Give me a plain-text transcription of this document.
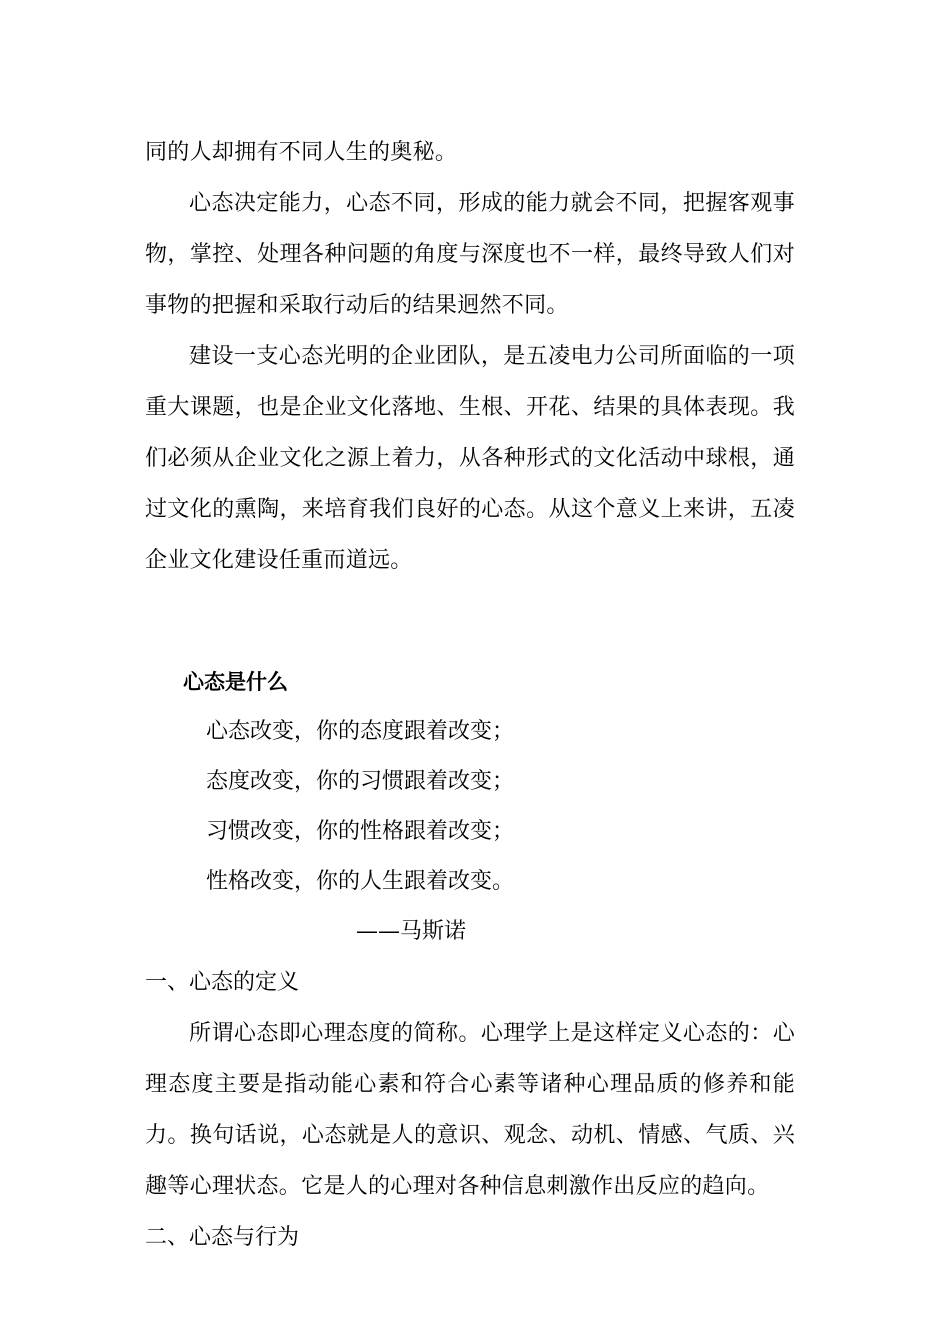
同的人却拥有不同人生的奥秘。

心态决定能力，心态不同，形成的能力就会不同，把握客观事物，掌控、处理各种问题的角度与深度也不一样，最终导致人们对事物的把握和采取行动后的结果迥然不同。

建设一支心态光明的企业团队，是五凌电力公司所面临的一项重大课题，也是企业文化落地、生根、开花、结果的具体表现。我们必须从企业文化之源上着力，从各种形式的文化活动中球根，通过文化的熏陶，来培育我们良好的心态。从这个意义上来讲，五凌企业文化建设任重而道远。

心态是什么

心态改变，你的态度跟着改变；

态度改变，你的习惯跟着改变；

习惯改变，你的性格跟着改变；

性格改变，你的人生跟着改变。

——马斯诺

一、心态的定义

所谓心态即心理态度的简称。心理学上是这样定义心态的：心理态度主要是指动能心素和符合心素等诸种心理品质的修养和能力。换句话说，心态就是人的意识、观念、动机、情感、气质、兴趣等心理状态。它是人的心理对各种信息刺激作出反应的趋向。

二、心态与行为
